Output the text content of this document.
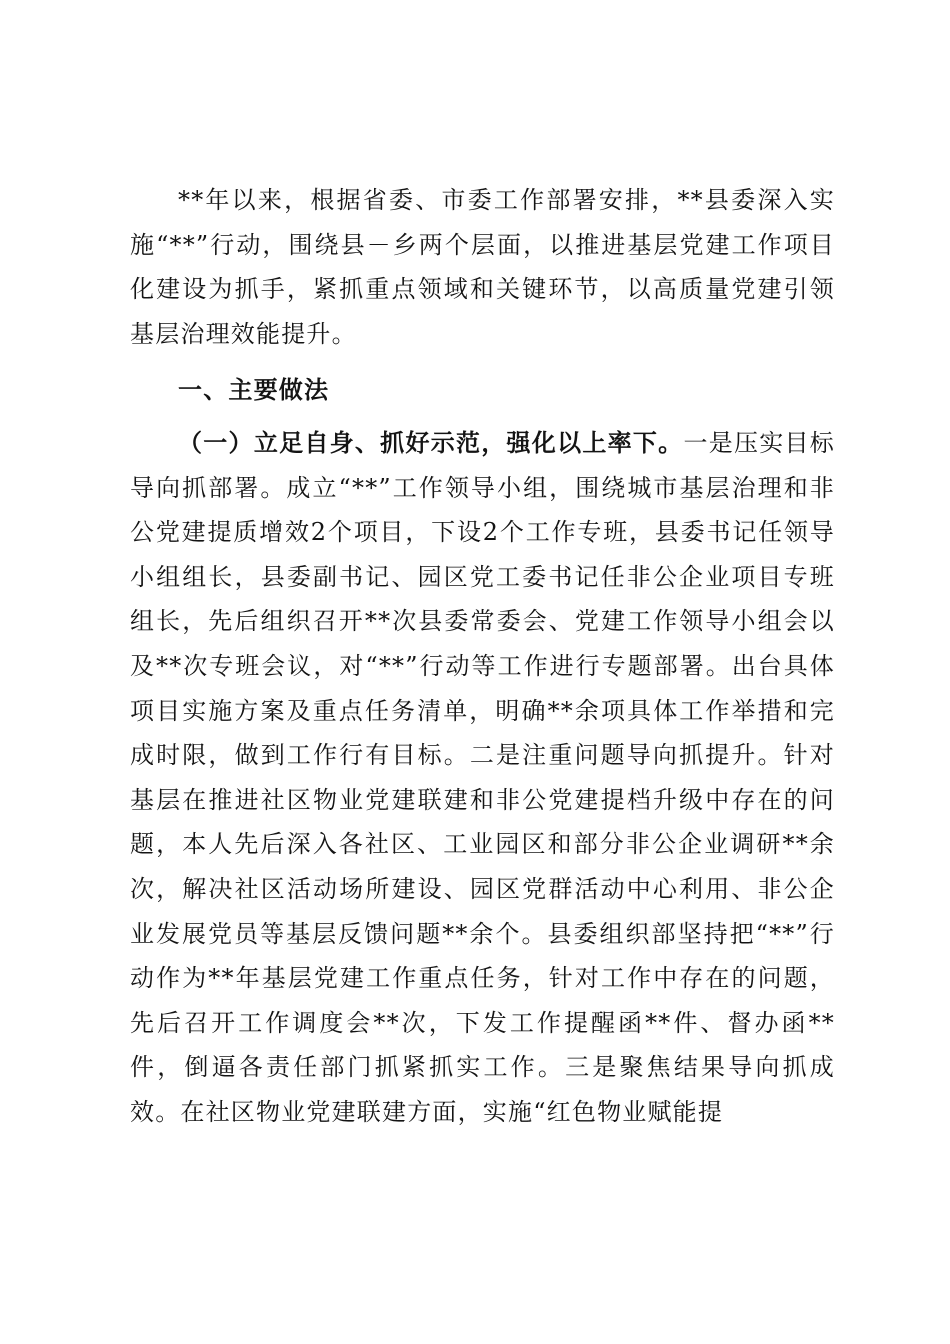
**年以来，根据省委、市委工作部署安排，**县委深入实施“**”行动，围绕县－乡两个层面，以推进基层党建工作项目化建设为抓手，紧抓重点领域和关键环节，以高质量党建引领基层治理效能提升。

一、主要做法

（一）立足自身、抓好示范，强化以上率下。一是压实目标导向抓部署。成立“**”工作领导小组，围绕城市基层治理和非公党建提质增效2个项目，下设2个工作专班，县委书记任领导小组组长，县委副书记、园区党工委书记任非公企业项目专班组长，先后组织召开**次县委常委会、党建工作领导小组会以及**次专班会议，对“**”行动等工作进行专题部署。出台具体项目实施方案及重点任务清单，明确**余项具体工作举措和完成时限，做到工作行有目标。二是注重问题导向抓提升。针对基层在推进社区物业党建联建和非公党建提档升级中存在的问题，本人先后深入各社区、工业园区和部分非公企业调研**余次，解决社区活动场所建设、园区党群活动中心利用、非公企业发展党员等基层反馈问题**余个。县委组织部坚持把“**”行动作为**年基层党建工作重点任务，针对工作中存在的问题，先后召开工作调度会**次，下发工作提醒函**件、督办函**件，倒逼各责任部门抓紧抓实工作。三是聚焦结果导向抓成效。在社区物业党建联建方面，实施“红色物业赋能提
